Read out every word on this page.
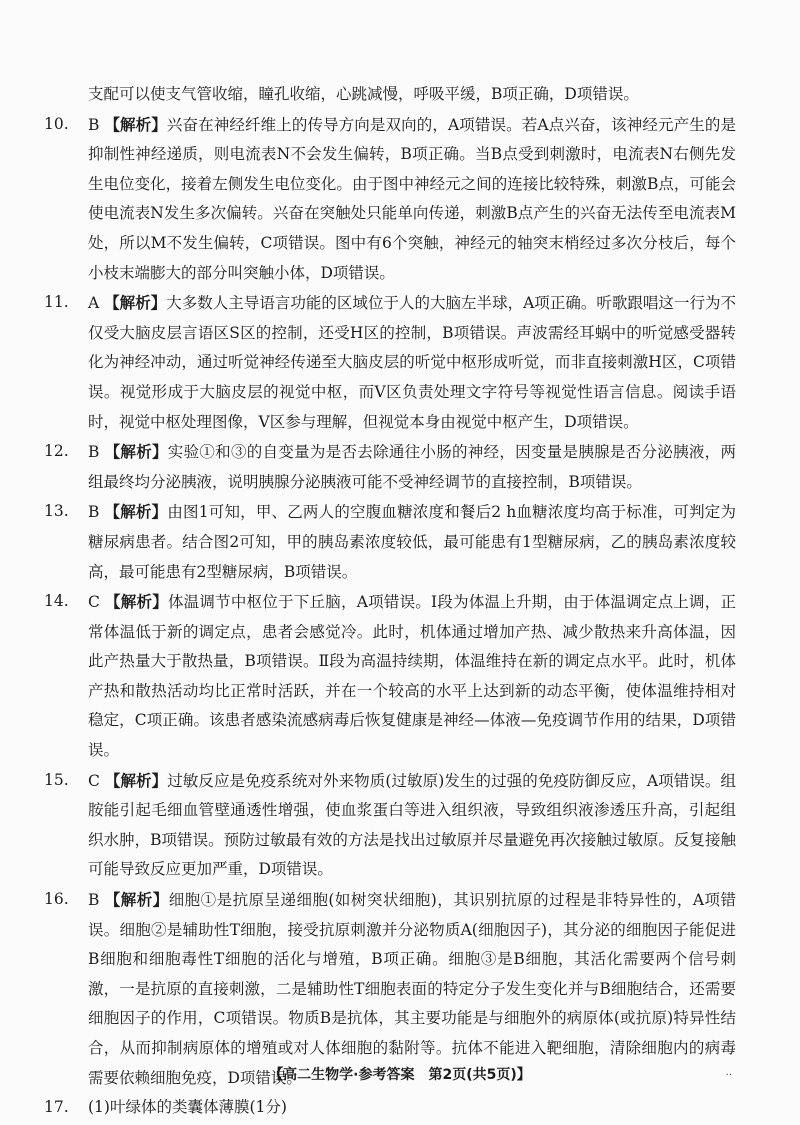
支配可以使支气管收缩，瞳孔收缩，心跳减慢，呼吸平缓，B项正确，D项错误。

10.	B 【解析】兴奋在神经纤维上的传导方向是双向的，A项错误。若A点兴奋，该神经元产生的是抑制性神经递质，则电流表N不会发生偏转，B项正确。当B点受到刺激时，电流表N右侧先发生电位变化，接着左侧发生电位变化。由于图中神经元之间的连接比较特殊，刺激B点，可能会使电流表N发生多次偏转。兴奋在突触处只能单向传递，刺激B点产生的兴奋无法传至电流表M处，所以M不发生偏转，C项错误。图中有6个突触，神经元的轴突末梢经过多次分枝后，每个小枝末端膨大的部分叫突触小体，D项错误。

11.	A 【解析】大多数人主导语言功能的区域位于人的大脑左半球，A项正确。听歌跟唱这一行为不仅受大脑皮层言语区S区的控制，还受H区的控制，B项错误。声波需经耳蜗中的听觉感受器转化为神经冲动，通过听觉神经传递至大脑皮层的听觉中枢形成听觉，而非直接刺激H区，C项错误。视觉形成于大脑皮层的视觉中枢，而V区负责处理文字符号等视觉性语言信息。阅读手语时，视觉中枢处理图像，V区参与理解，但视觉本身由视觉中枢产生，D项错误。

12.	B 【解析】实验①和③的自变量为是否去除通往小肠的神经，因变量是胰腺是否分泌胰液，两组最终均分泌胰液，说明胰腺分泌胰液可能不受神经调节的直接控制，B项错误。

13.	B 【解析】由图1可知，甲、乙两人的空腹血糖浓度和餐后2 h血糖浓度均高于标准，可判定为糖尿病患者。结合图2可知，甲的胰岛素浓度较低，最可能患有1型糖尿病，乙的胰岛素浓度较高，最可能患有2型糖尿病，B项错误。

14.	C 【解析】体温调节中枢位于下丘脑，A项错误。Ⅰ段为体温上升期，由于体温调定点上调，正常体温低于新的调定点，患者会感觉冷。此时，机体通过增加产热、减少散热来升高体温，因此产热量大于散热量，B项错误。Ⅱ段为高温持续期，体温维持在新的调定点水平。此时，机体产热和散热活动均比正常时活跃，并在一个较高的水平上达到新的动态平衡，使体温维持相对稳定，C项正确。该患者感染流感病毒后恢复健康是神经—体液—免疫调节作用的结果，D项错误。

15.	C 【解析】过敏反应是免疫系统对外来物质(过敏原)发生的过强的免疫防御反应，A项错误。组胺能引起毛细血管壁通透性增强，使血浆蛋白等进入组织液，导致组织液渗透压升高，引起组织水肿，B项错误。预防过敏最有效的方法是找出过敏原并尽量避免再次接触过敏原。反复接触可能导致反应更加严重，D项错误。

16.	B 【解析】细胞①是抗原呈递细胞(如树突状细胞)，其识别抗原的过程是非特异性的，A项错误。细胞②是辅助性T细胞，接受抗原刺激并分泌物质A(细胞因子)，其分泌的细胞因子能促进B细胞和细胞毒性T细胞的活化与增殖，B项正确。细胞③是B细胞，其活化需要两个信号刺激，一是抗原的直接刺激，二是辅助性T细胞表面的特定分子发生变化并与B细胞结合，还需要细胞因子的作用，C项错误。物质B是抗体，其主要功能是与细胞外的病原体(或抗原)特异性结合，从而抑制病原体的增殖或对人体细胞的黏附等。抗体不能进入靶细胞，清除细胞内的病毒需要依赖细胞免疫，D项错误。

17.	(1)叶绿体的类囊体薄膜(1分)

【高二生物学·参考答案　第2页(共5页)】	··
